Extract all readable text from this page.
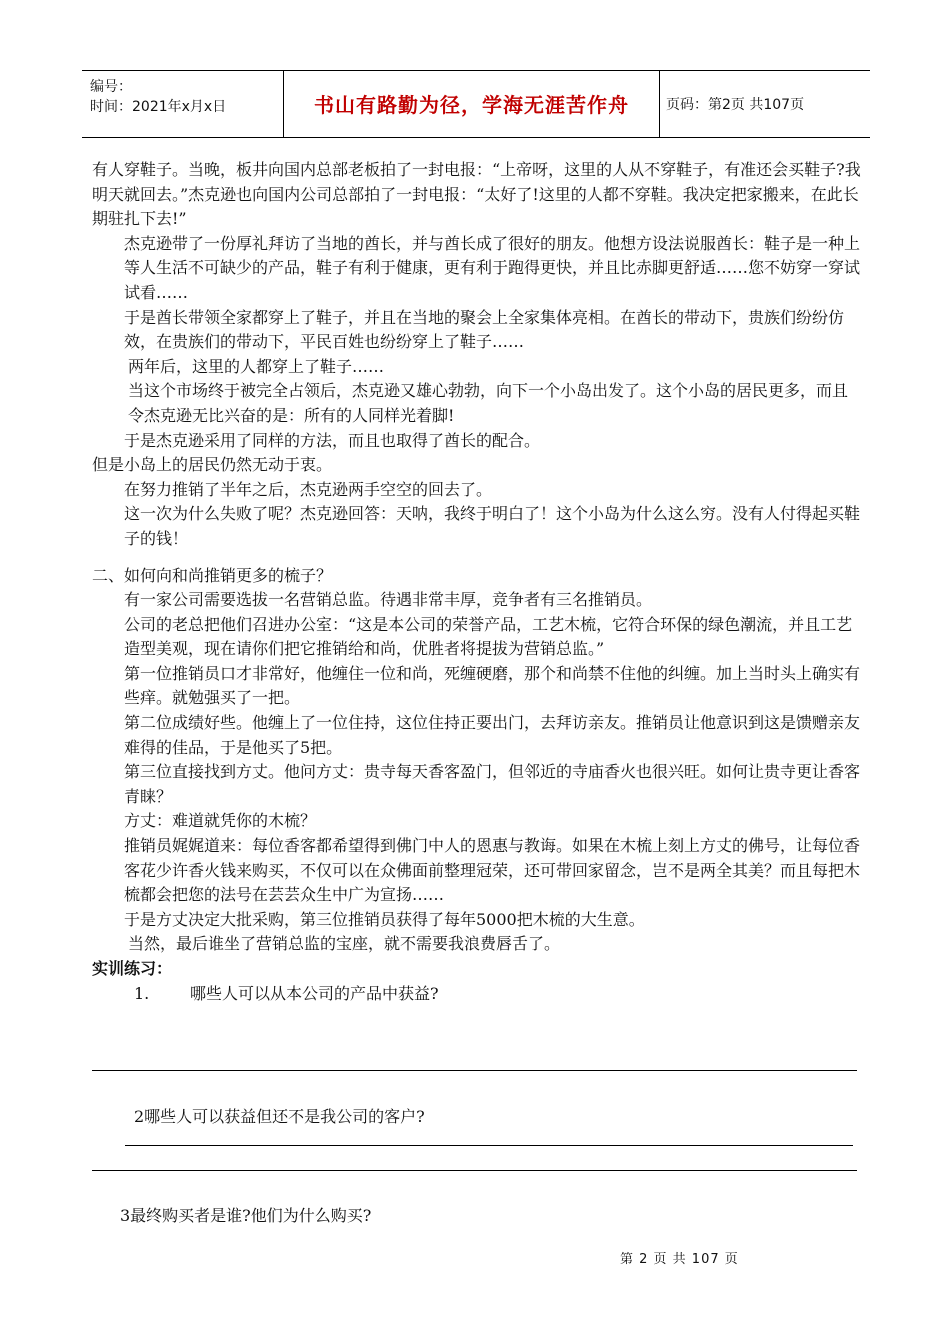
编号：
时间：2021年x月x日	书山有路勤为径，学海无涯苦作舟	页码：第2页 共107页

有人穿鞋子。当晚，板井向国内总部老板拍了一封电报：“上帝呀，这里的人从不穿鞋子，有准还会买鞋子?我明天就回去。”杰克逊也向国内公司总部拍了一封电报：“太好了!这里的人都不穿鞋。我决定把家搬来，在此长期驻扎下去!”

杰克逊带了一份厚礼拜访了当地的酋长，并与酋长成了很好的朋友。他想方设法说服酋长：鞋子是一种上等人生活不可缺少的产品，鞋子有利于健康，更有利于跑得更快，并且比赤脚更舒适……您不妨穿一穿试试看……

于是酋长带领全家都穿上了鞋子，并且在当地的聚会上全家集体亮相。在酋长的带动下，贵族们纷纷仿效，在贵族们的带动下，平民百姓也纷纷穿上了鞋子……

两年后，这里的人都穿上了鞋子……

当这个市场终于被完全占领后，杰克逊又雄心勃勃，向下一个小岛出发了。这个小岛的居民更多，而且令杰克逊无比兴奋的是：所有的人同样光着脚!

于是杰克逊采用了同样的方法，而且也取得了酋长的配合。

但是小岛上的居民仍然无动于衷。

在努力推销了半年之后，杰克逊两手空空的回去了。

这一次为什么失败了呢？杰克逊回答：天呐，我终于明白了！这个小岛为什么这么穷。没有人付得起买鞋子的钱！

二、如何向和尚推销更多的梳子？

有一家公司需要选拔一名营销总监。待遇非常丰厚，竞争者有三名推销员。

公司的老总把他们召进办公室：“这是本公司的荣誉产品，工艺木梳，它符合环保的绿色潮流，并且工艺造型美观，现在请你们把它推销给和尚，优胜者将提拔为营销总监。”

第一位推销员口才非常好，他缠住一位和尚，死缠硬磨，那个和尚禁不住他的纠缠。加上当时头上确实有些痒。就勉强买了一把。

第二位成绩好些。他缠上了一位住持，这位住持正要出门，去拜访亲友。推销员让他意识到这是馈赠亲友难得的佳品，于是他买了5把。

第三位直接找到方丈。他问方丈：贵寺每天香客盈门，但邻近的寺庙香火也很兴旺。如何让贵寺更让香客青睐？

方丈：难道就凭你的木梳？

推销员娓娓道来：每位香客都希望得到佛门中人的恩惠与教诲。如果在木梳上刻上方丈的佛号，让每位香客花少许香火钱来购买，不仅可以在众佛面前整理冠荣，还可带回家留念，岂不是两全其美？而且每把木梳都会把您的法号在芸芸众生中广为宣扬……

于是方丈决定大批采购，第三位推销员获得了每年5000把木梳的大生意。

当然，最后谁坐了营销总监的宝座，就不需要我浪费唇舌了。

实训练习：

1.	哪些人可以从本公司的产品中获益?

2哪些人可以获益但还不是我公司的客户?
3最终购买者是谁?他们为什么购买?
第 2 页 共 107 页
